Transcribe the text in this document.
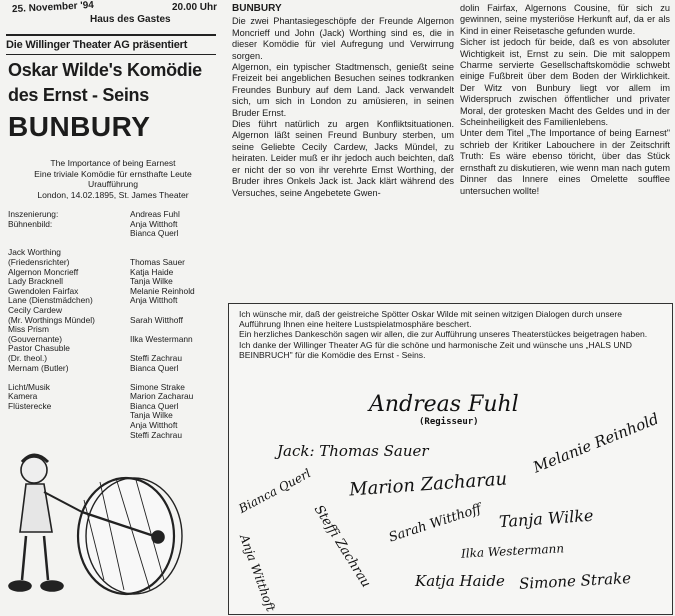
25. November '94	20.00 Uhr
Haus des Gastes
Die Willinger Theater AG präsentiert
Oskar Wilde's Komödie
des Ernst - Seins
BUNBURY
The Importance of being Earnest
Eine triviale Komödie für ernsthafte Leute
Uraufführung
London, 14.02.1895, St. James Theater
Inszenierung:	Andreas Fuhl
Bühnenbild:	Anja Witthoft
Bianca Querl
Jack Worthing
(Friedensrichter)	Thomas Sauer
Algernon Moncrieff	Katja Haide
Lady Bracknell	Tanja Wilke
Gwendolen Fairfax	Melanie Reinhold
Lane (Dienstmädchen)	Anja Witthoft
Cecily Cardew
(Mr. Worthings Mündel)	Sarah Witthoff
Miss Prism
(Gouvernante)	Ilka Westermann
Pastor Chasuble
(Dr. theol.)	Steffi Zachrau
Mernam (Butler)	Bianca Querl
Licht/Musik	Simone Strake
Kamera	Marion Zacharau
Flüsterecke	Bianca Querl
Tanja Wilke
Anja Witthoft
Steffi Zachrau
BUNBURY

Die zwei Phantasiegeschöpfe der Freunde Algernon Moncrieff und John (Jack) Worthing sind es, die in dieser Komödie für viel Aufregung und Verwirrung sorgen.

Algernon, ein typischer Stadtmensch, genießt seine Freizeit bei angeblichen Besuchen seines todkranken Freundes Bunbury auf dem Land. Jack verwandelt sich, um sich in London zu amüsieren, in seinen Bruder Ernst.

Dies führt natürlich zu argen Konfliktsituationen. Algernon läßt seinen Freund Bunbury sterben, um seine Geliebte Cecily Cardew, Jacks Mündel, zu heiraten. Leider muß er ihr jedoch auch beichten, daß er nicht der so von ihr verehrte Ernst Worthing, der Bruder ihres Onkels Jack ist. Jack klärt während des Versuches, seine Angebetete Gwen-

dolin Fairfax, Algernons Cousine, für sich zu gewinnen, seine mysteriöse Herkunft auf, da er als Kind in einer Reisetasche gefunden wurde.

Sicher ist jedoch für beide, daß es von absoluter Wichtigkeit ist, Ernst zu sein. Die mit saloppem Charme servierte Gesellschaftskomödie schwebt einige Fußbreit über dem Boden der Wirklichkeit. Der Witz von Bunbury liegt vor allem im Widerspruch zwischen öffentlicher und privater Moral, der grotesken Macht des Geldes und in der Scheinheiligkeit des Familienlebens.

Unter dem Titel „The Importance of being Earnest" schrieb der Kritiker Labouchere in der Zeitschrift Truth: Es wäre ebenso töricht, über das Stück ernsthaft zu diskutieren, wie wenn man nach gutem Dinner das Innere eines Omelette soufflee untersuchen wollte!

Ich wünsche mir, daß der geistreiche Spötter Oskar Wilde mit seinen witzigen Dialogen durch unsere Aufführung Ihnen eine heitere Lustspielatmosphäre beschert.

Ein herzliches Dankeschön sagen wir allen, die zur Aufführung unseres Theaterstückes beigetragen haben.

Ich danke der Willinger Theater AG für die schöne und harmonische Zeit und wünsche uns „HALS UND BEINBRUCH" für die Komödie des Ernst - Seins.

Andreas Fuhl
(Regisseur)
Jack: Thomas Sauer	Melanie Reinhold
Marion Zacharau
Bianca Querl
Sarah Witthoff Tanja Wilke
Steffi Zachrau
Anja Witthoft	Ilka Westermann
Katja Haide Simone Strake
